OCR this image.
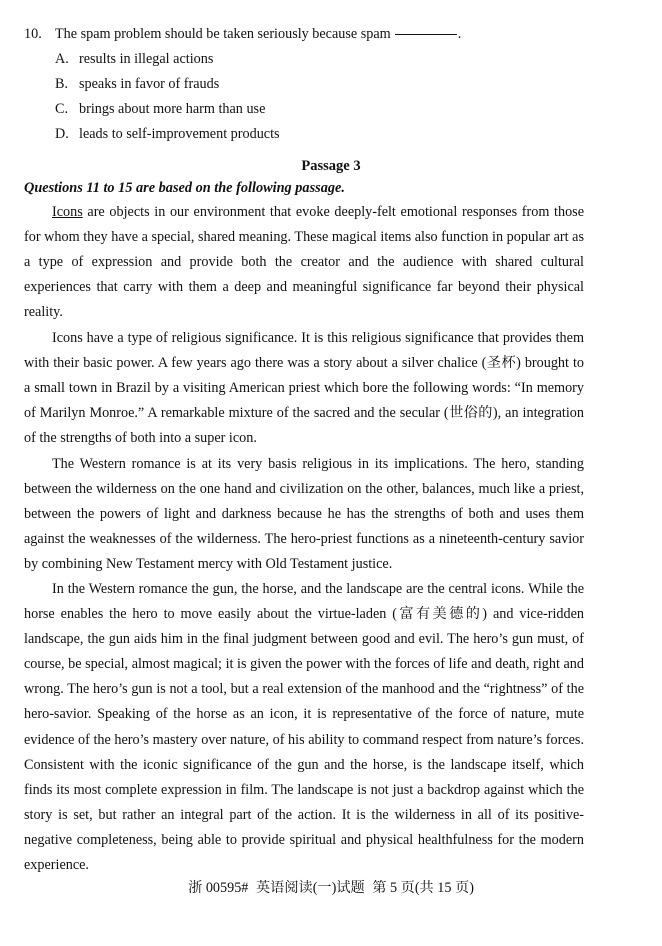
10. The spam problem should be taken seriously because spam	.
A. results in illegal actions
B. speaks in favor of frauds
C. brings about more harm than use
D. leads to self-improvement products
Passage 3
Questions 11 to 15 are based on the following passage.

Icons are objects in our environment that evoke deeply-felt emotional responses from those for whom they have a special, shared meaning. These magical items also function in popular art as a type of expression and provide both the creator and the audience with shared cultural experiences that carry with them a deep and meaningful significance far beyond their physical reality.

Icons have a type of religious significance. It is this religious significance that provides them with their basic power. A few years ago there was a story about a silver chalice (圣杯) brought to a small town in Brazil by a visiting American priest which bore the following words: “In memory of Marilyn Monroe.” A remarkable mixture of the sacred and the secular (世俗的), an integration of the strengths of both into a super icon.

The Western romance is at its very basis religious in its implications. The hero, standing between the wilderness on the one hand and civilization on the other, balances, much like a priest, between the powers of light and darkness because he has the strengths of both and uses them against the weaknesses of the wilderness. The hero-priest functions as a nineteenth-century savior by combining New Testament mercy with Old Testament justice.

In the Western romance the gun, the horse, and the landscape are the central icons. While the horse enables the hero to move easily about the virtue-laden (富有美德的) and vice-ridden landscape, the gun aids him in the final judgment between good and evil. The hero’s gun must, of course, be special, almost magical; it is given the power with the forces of life and death, right and wrong. The hero’s gun is not a tool, but a real extension of the manhood and the “rightness” of the hero-savior. Speaking of the horse as an icon, it is representative of the force of nature, mute evidence of the hero’s mastery over nature, of his ability to command respect from nature’s forces. Consistent with the iconic significance of the gun and the horse, is the landscape itself, which finds its most complete expression in film. The landscape is not just a backdrop against which the story is set, but rather an integral part of the action. It is the wilderness in all of its positive-negative completeness, being able to provide spiritual and physical healthfulness for the modern experience.

浙 00595# 英语阅读(一)试题 第 5 页(共 15 页)
